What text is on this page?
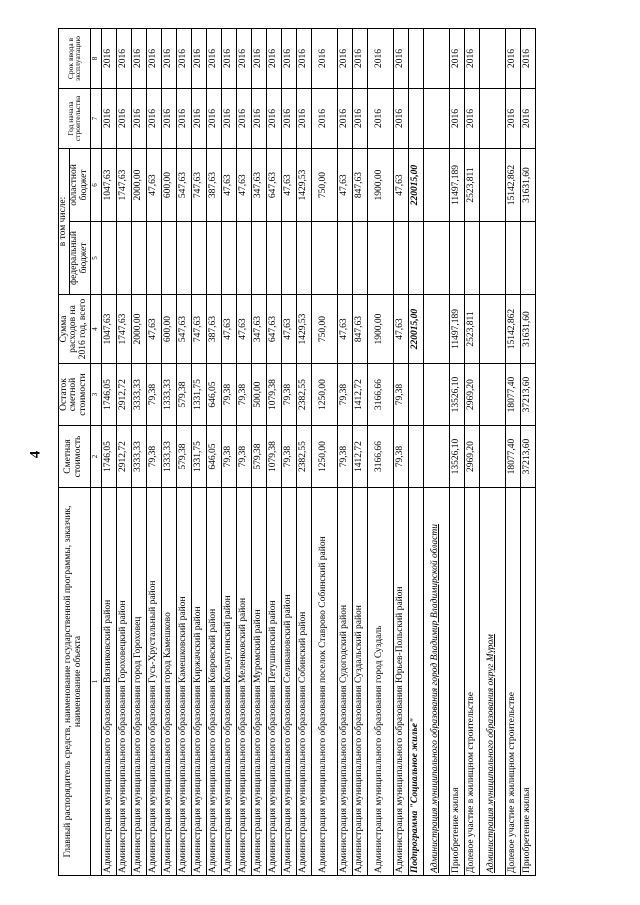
4
Главный распорядитель средств, наименование государственной программы, заказчик, наименование объекта	Сметная стоимость	Остаток сметной стоимости	Сумма расходов на 2016 год, всего	в том числе:		Год начала строительства	Срок ввода в эксплуатацию
				федеральный бюджет	областной бюджет		
1	2	3	4	5	6	7	8
Администрация муниципального образования Вязниковский район	1746,05	1746,05	1047,63		1047,63	2016	2016
Администрация муниципального образования Гороховецкий район	2912,72	2912,72	1747,63		1747,63	2016	2016
Администрация муниципального образования город Гороховец	3333,33	3333,33	2000,00		2000,00	2016	2016
Администрация муниципального образования Гусь-Хрустальный район	79,38	79,38	47,63		47,63	2016	2016
Администрация муниципального образования город Камешково	1333,33	1333,33	600,00		600,00	2016	2016
Администрация муниципального образования Камешковский район	579,38	579,38	547,63		547,63	2016	2016
Администрация муниципального образования Киржачский район	1331,75	1331,75	747,63		747,63	2016	2016
Администрация муниципального образования Ковровский район	646,05	646,05	387,63		387,63	2016	2016
Администрация муниципального образования Кольчугинский район	79,38	79,38	47,63		47,63	2016	2016
Администрация муниципального образования Меленковский район	79,38	79,38	47,63		47,63	2016	2016
Администрация муниципального образования Муромский район	579,38	500,00	347,63		347,63	2016	2016
Администрация муниципального образования Петушинский район	1079,38	1079,38	647,63		647,63	2016	2016
Администрация муниципального образования Селивановский район	79,38	79,38	47,63		47,63	2016	2016
Администрация муниципального образования Собинский район	2382,55	2382,55	1429,53		1429,53	2016	2016
Администрация муниципального образования поселок Ставрово Собинский район	1250,00	1250,00	750,00		750,00	2016	2016
Администрация муниципального образования Судогодский район	79,38	79,38	47,63		47,63	2016	2016
Администрация муниципального образования Суздальский район	1412,72	1412,72	847,63		847,63	2016	2016
Администрация муниципального образования город Суздаль	3166,66	3166,66	1900,00		1900,00	2016	2016
Администрация муниципального образования Юрьев-Польский район	79,38	79,38	47,63		47,63	2016	2016
Подпрограмма "Социальное жилье"			220015,00		220015,00		
Администрация муниципального образования город Владимир Владимирской области							
Приобретение жилья	13526,10	13526,10	11497,189		11497,189	2016	2016
Долевое участие в жилищном строительстве	2969,20	2969,20	2523,811		2523,811	2016	2016
Администрация муниципального образования округ Муром							
Долевое участие в жилищном строительстве	18077,40	18077,40	15142,862		15142,862	2016	2016
Приобретение жилья	37213,60	37213,60	31631,60		31631,60	2016	2016
